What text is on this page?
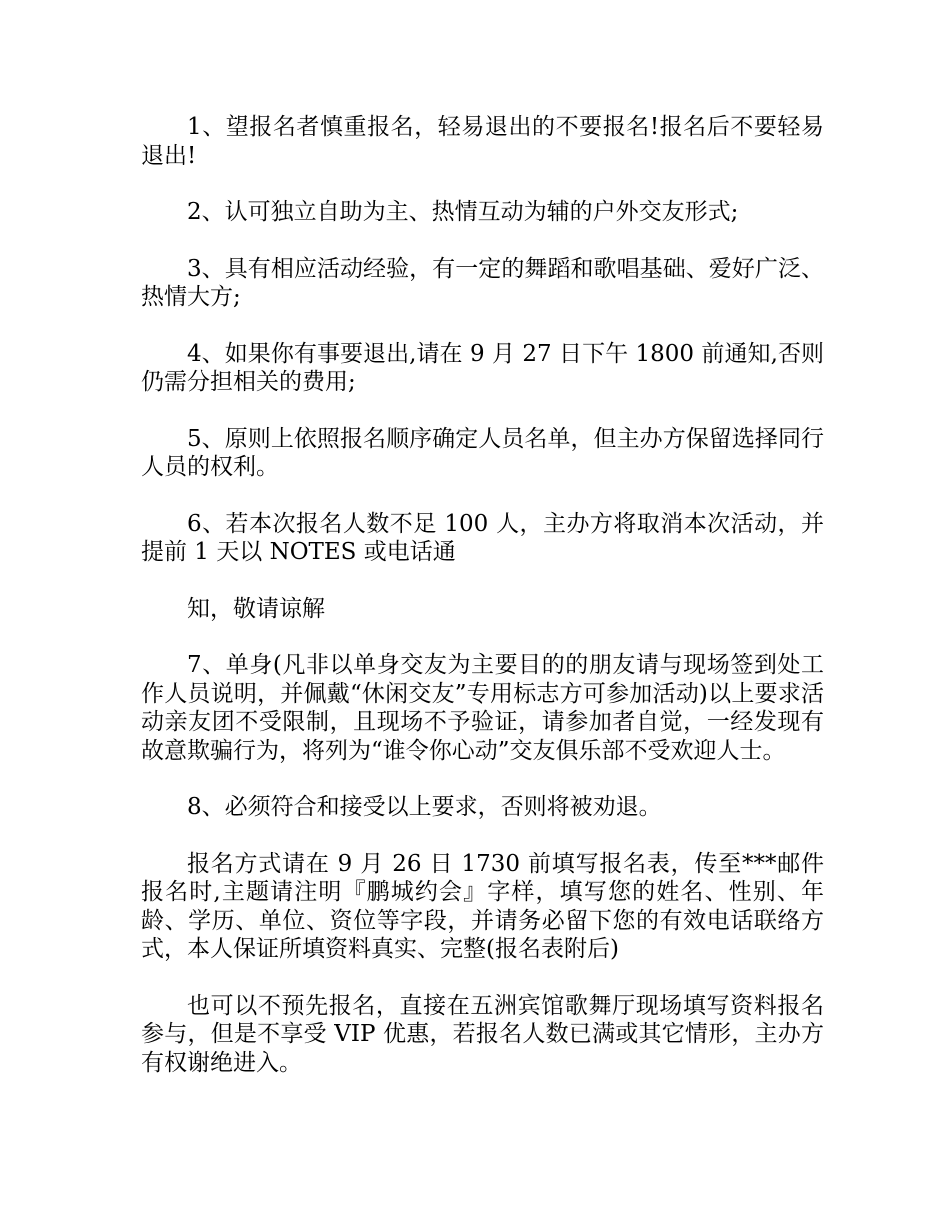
1、望报名者慎重报名，轻易退出的不要报名!报名后不要轻易退出!

2、认可独立自助为主、热情互动为辅的户外交友形式;

3、具有相应活动经验，有一定的舞蹈和歌唱基础、爱好广泛、热情大方;

4、如果你有事要退出,请在 9 月 27 日下午 1800 前通知,否则仍需分担相关的费用;

5、原则上依照报名顺序确定人员名单，但主办方保留选择同行人员的权利。

6、若本次报名人数不足 100 人，主办方将取消本次活动，并提前 1 天以 NOTES 或电话通

知，敬请谅解

7、单身(凡非以单身交友为主要目的的朋友请与现场签到处工作人员说明，并佩戴“休闲交友”专用标志方可参加活动)以上要求活动亲友团不受限制，且现场不予验证，请参加者自觉，一经发现有故意欺骗行为，将列为“谁令你心动”交友俱乐部不受欢迎人士。

8、必须符合和接受以上要求，否则将被劝退。

报名方式请在 9 月 26 日 1730 前填写报名表，传至***邮件报名时,主题请注明『鹏城约会』字样，填写您的姓名、性别、年龄、学历、单位、资位等字段，并请务必留下您的有效电话联络方式，本人保证所填资料真实、完整(报名表附后)

也可以不预先报名，直接在五洲宾馆歌舞厅现场填写资料报名参与，但是不享受 VIP 优惠，若报名人数已满或其它情形，主办方有权谢绝进入。
